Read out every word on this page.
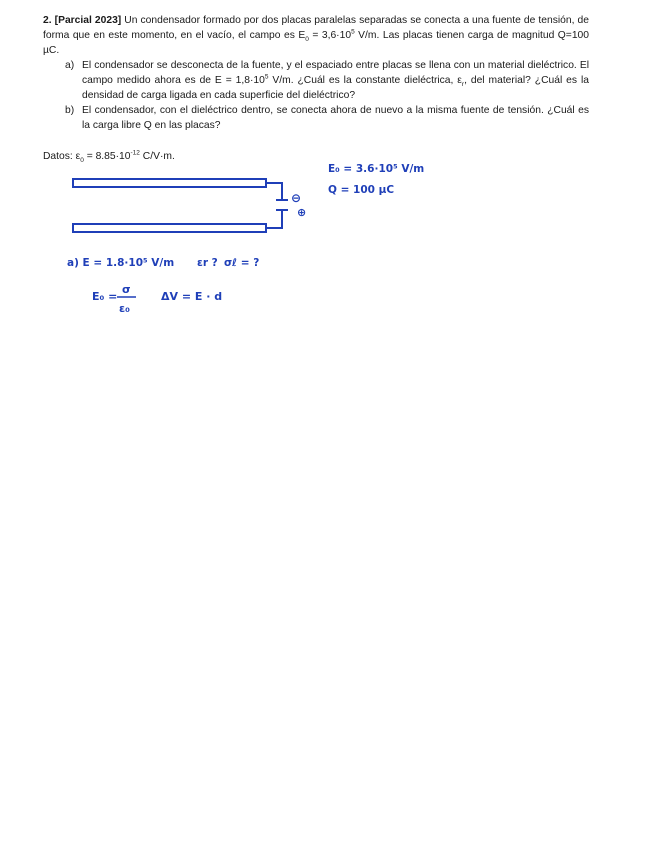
2. [Parcial 2023] Un condensador formado por dos placas paralelas separadas se conecta a una fuente de tensión, de forma que en este momento, en el vacío, el campo es $E_0 = 3,6\cdot 10^5$ V/m. Las placas tienen carga de magnitud Q=100 µC.
a) El condensador se desconecta de la fuente, y el espaciado entre placas se llena con un material dieléctrico. El campo medido ahora es de $E = 1,8\cdot 10^5$ V/m. ¿Cuál es la constante dieléctrica, $\varepsilon_r$, del material? ¿Cuál es la densidad de carga ligada en cada superficie del dieléctrico?
b) El condensador, con el dieléctrico dentro, se conecta ahora de nuevo a la misma fuente de tensión. ¿Cuál es la carga libre Q en las placas?
Datos: $\varepsilon_0 = 8.85\cdot 10^{-12}$ C/V·m.
⊖
⊕
E₀ = 3.6·10⁵ V/m
Q = 100 μC
a) E = 1.8·10⁵ V/m εr ? σℓ = ?
E₀ =
σ
ε₀
ΔV = E · d
